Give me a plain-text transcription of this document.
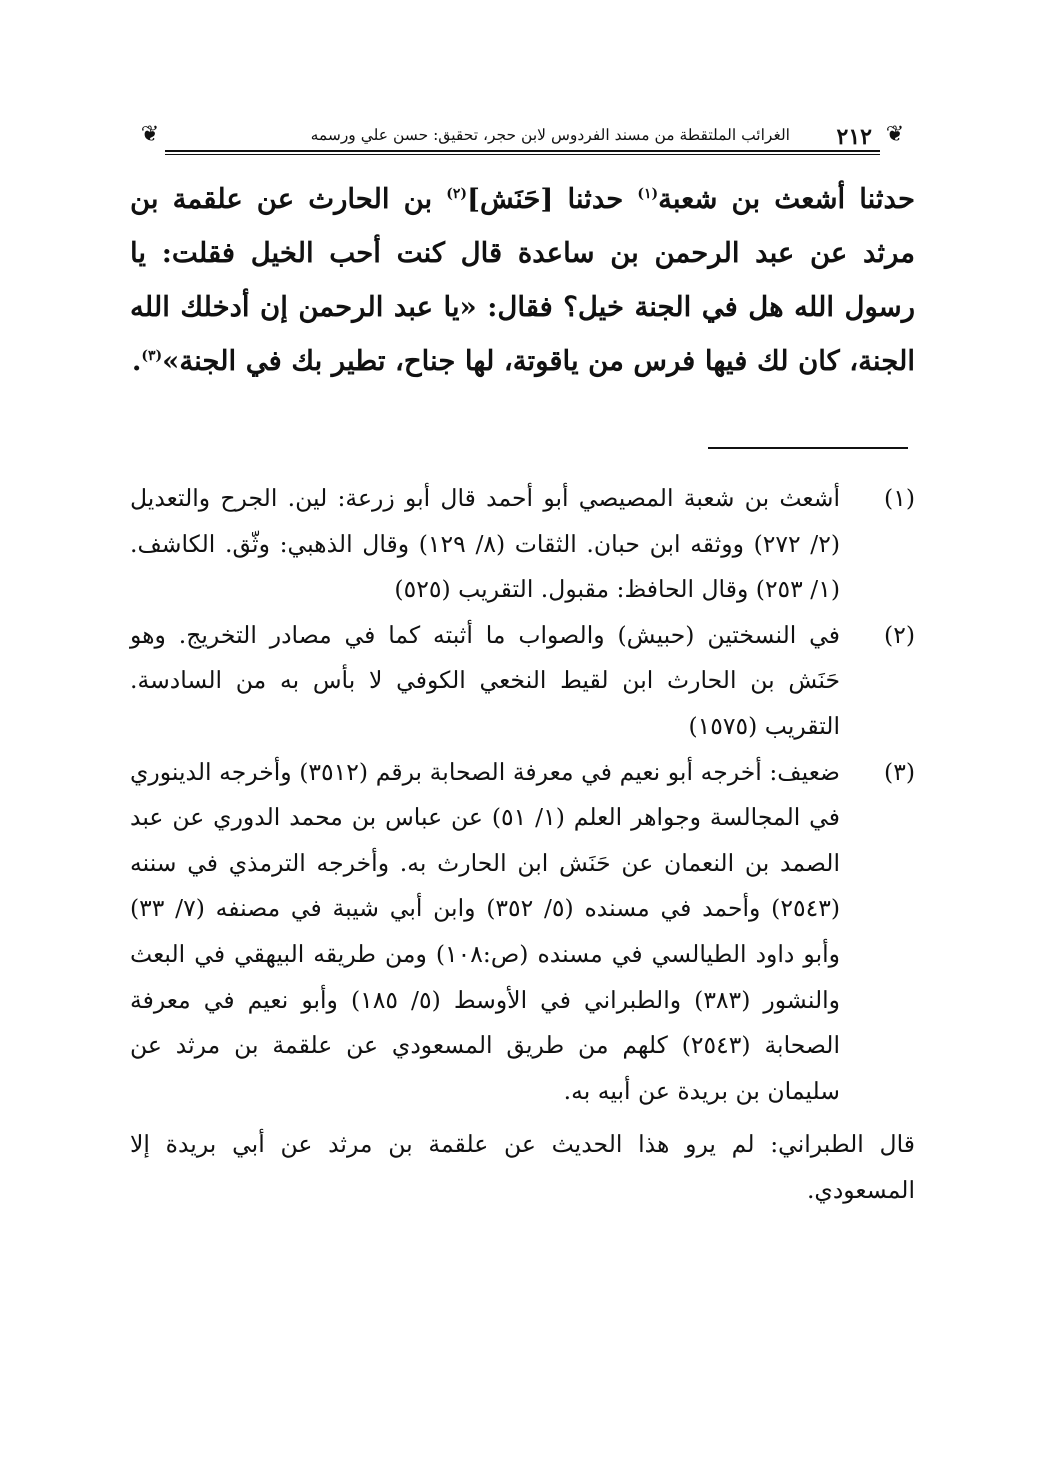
❦
٢١٢
الغرائب الملتقطة من مسند الفردوس لابن حجر، تحقيق: حسن علي ورسمه
❦

حدثنا أشعث بن شعبة$^{(١)}$ حدثنا [حَنَش]$^{(٢)}$ بن الحارث عن علقمة بن مرثد عن عبد الرحمن بن ساعدة قال كنت أحب الخيل فقلت: يا رسول الله هل في الجنة خيل؟ فقال: «يا عبد الرحمن إن أدخلك الله الجنة، كان لك فيها فرس من ياقوتة، لها جناح، تطير بك في الجنة»$^{(٣)}$.

(١)
أشعث بن شعبة المصيصي أبو أحمد قال أبو زرعة: لين. الجرح والتعديل (٢/ ٢٧٢) ووثقه ابن حبان. الثقات (٨/ ١٢٩) وقال الذهبي: وثّق. الكاشف. (١/ ٢٥٣) وقال الحافظ: مقبول. التقريب (٥٢٥)
(٢)
في النسختين (حبيش) والصواب ما أثبته كما في مصادر التخريج. وهو حَنَش بن الحارث ابن لقيط النخعي الكوفي لا بأس به من السادسة. التقريب (١٥٧٥)
(٣)
ضعيف: أخرجه أبو نعيم في معرفة الصحابة برقم (٣٥١٢) وأخرجه الدينوري في المجالسة وجواهر العلم (١/ ٥١) عن عباس بن محمد الدوري عن عبد الصمد بن النعمان عن حَنَش ابن الحارث به. وأخرجه الترمذي في سننه (٢٥٤٣) وأحمد في مسنده (٥/ ٣٥٢) وابن أبي شيبة في مصنفه (٧/ ٣٣) وأبو داود الطيالسي في مسنده (ص:١٠٨) ومن طريقه البيهقي في البعث والنشور (٣٨٣) والطبراني في الأوسط (٥/ ١٨٥) وأبو نعيم في معرفة الصحابة (٢٥٤٣) كلهم من طريق المسعودي عن علقمة بن مرثد عن سليمان بن بريدة عن أبيه به.
قال الطبراني: لم يرو هذا الحديث عن علقمة بن مرثد عن أبي بريدة إلا المسعودي.
